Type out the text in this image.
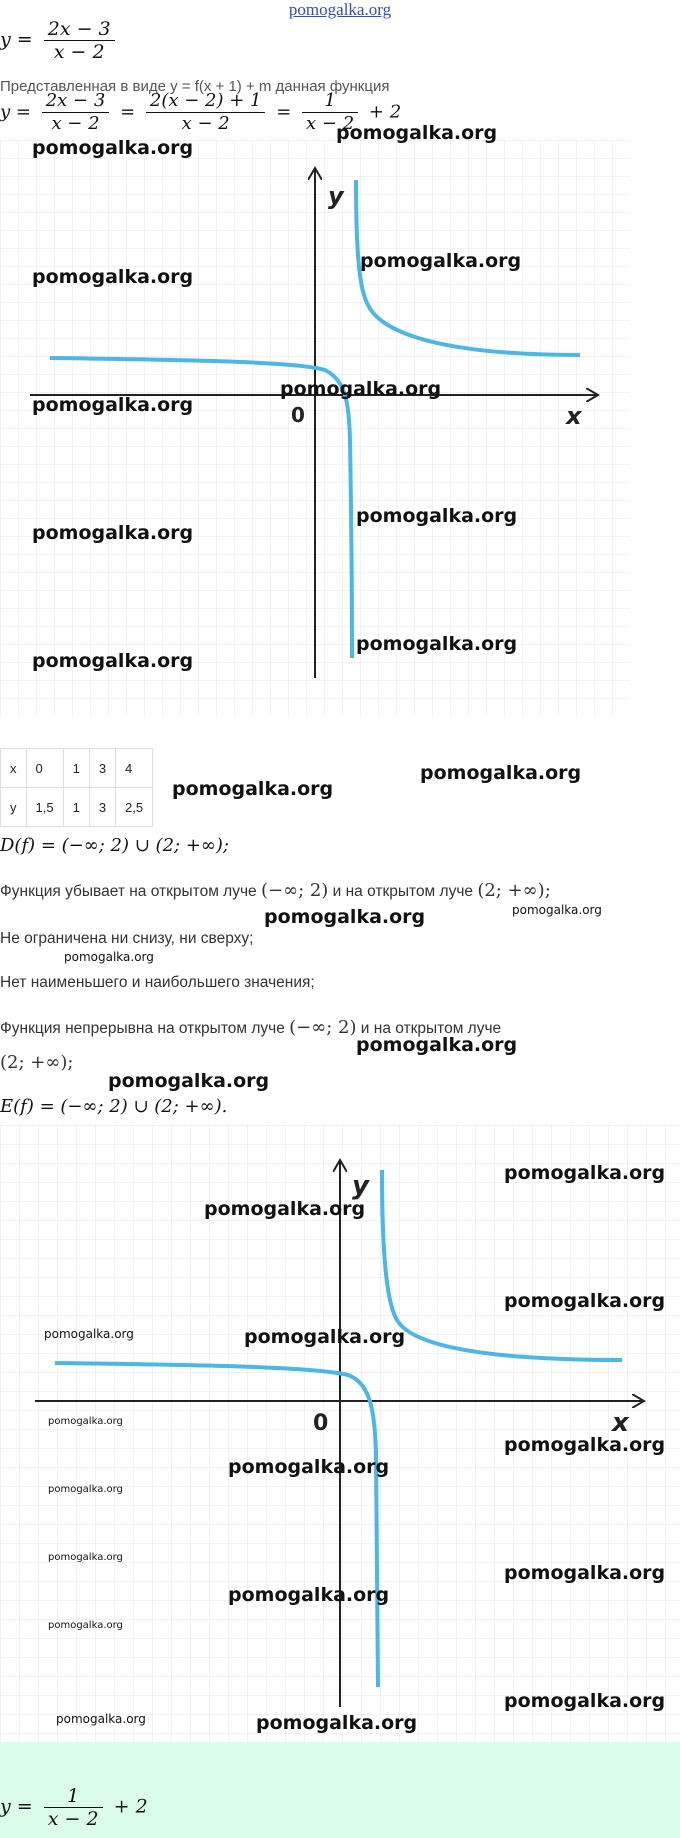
pomogalka.org
$y = \frac{2x - 3}{x - 2}$
Представленная в виде y = f(x + 1) + m данная функция
$y = \frac{2x - 3}{x - 2} = \frac{2(x - 2) + 1}{x - 2} = \frac{1}{x - 2} + 2$
y
x
0
x	0	1	3	4
y	1,5	1	3	2,5
D(f) = (−∞; 2) ∪ (2; +∞);
Функция убывает на открытом луче (−∞; 2) и на открытом луче (2; +∞);
Не ограничена ни снизу, ни сверху;
Нет наименьшего и наибольшего значения;
Функция непрерывна на открытом луче (−∞; 2) и на открытом луче
(2; +∞);
E(f) = (−∞; 2) ∪ (2; +∞).
y
x
0
$y = \frac{1}{x - 2} + 2$
pomogalka.org
pomogalka.org
pomogalka.org
pomogalka.org
pomogalka.org
pomogalka.org
pomogalka.org
pomogalka.org
pomogalka.org
pomogalka.org
pomogalka.org
pomogalka.org
pomogalka.org	pomogalka.org
pomogalka.org
pomogalka.org
pomogalka.org
pomogalka.org
pomogalka.org
pomogalka.org
pomogalka.org	pomogalka.org
pomogalka.org
pomogalka.org
pomogalka.org
pomogalka.org
pomogalka.org
pomogalka.org
pomogalka.org
pomogalka.org
pomogalka.org
pomogalka.org	pomogalka.org
